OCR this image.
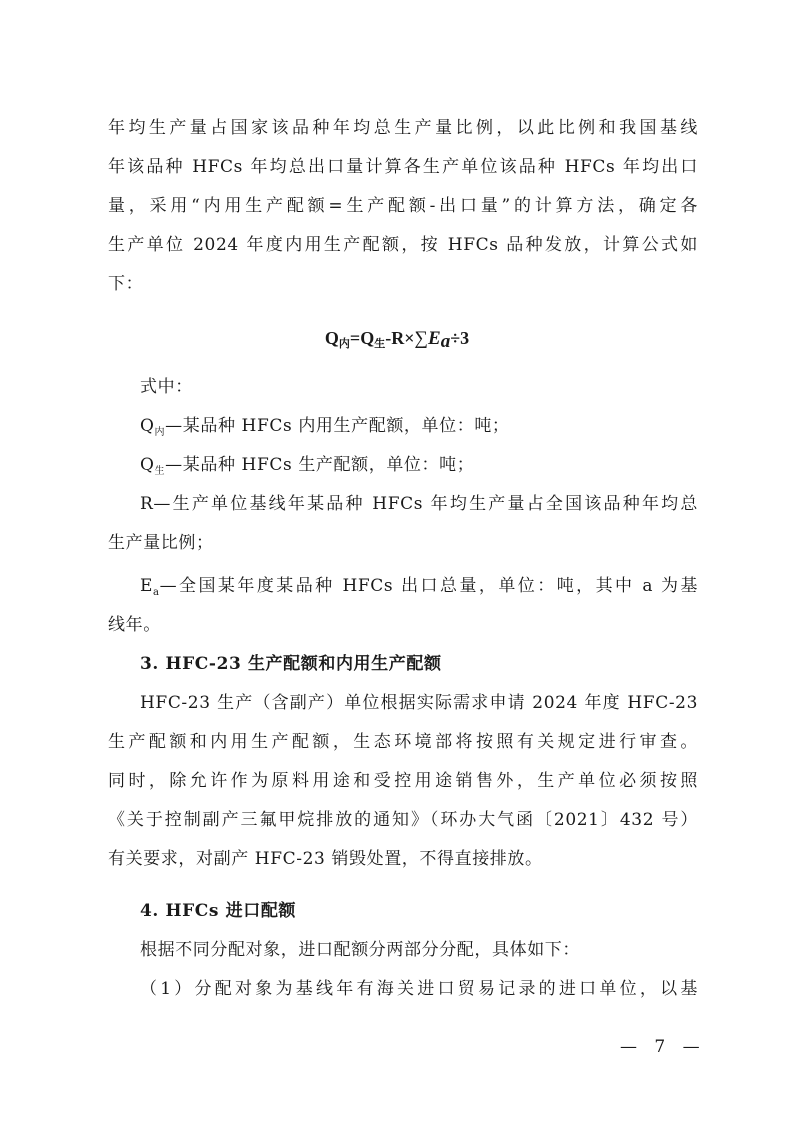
年均生产量占国家该品种年均总生产量比例，以此比例和我国基线
年该品种 HFCs 年均总出口量计算各生产单位该品种 HFCs 年均出口
量，采用“内用生产配额=生产配额-出口量”的计算方法，确定各
生产单位 2024 年度内用生产配额，按 HFCs 品种发放，计算公式如
下：
$Q_内=Q_生-R\times\sum Ea\div 3$
式中：
$Q_内—$某品种 HFCs 内用生产配额，单位：吨；
$Q_生—$某品种 HFCs 生产配额，单位：吨；
R—生产单位基线年某品种 HFCs 年均生产量占全国该品种年均总
生产量比例；
$E_a—$全国某年度某品种 HFCs 出口总量，单位：吨，其中 a 为基
线年。
3. HFC-23 生产配额和内用生产配额
HFC-23 生产（含副产）单位根据实际需求申请 2024 年度 HFC-23
生产配额和内用生产配额，生态环境部将按照有关规定进行审查。
同时，除允许作为原料用途和受控用途销售外，生产单位必须按照
《关于控制副产三氟甲烷排放的通知》（环办大气函〔2021〕432 号）
有关要求，对副产 HFC-23 销毁处置，不得直接排放。
4. HFCs 进口配额
根据不同分配对象，进口配额分两部分分配，具体如下：
（1）分配对象为基线年有海关进口贸易记录的进口单位，以基
— 7 —
